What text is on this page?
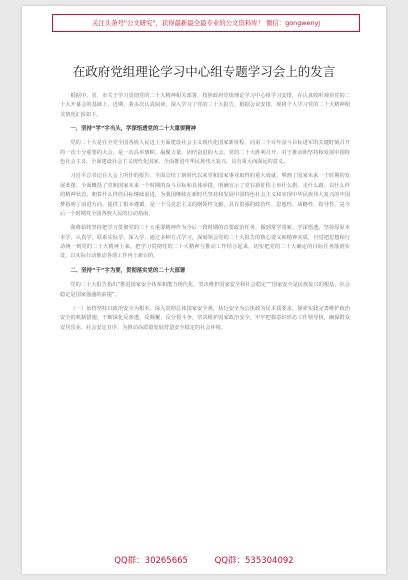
关注头条号"公文研究"，获得最新最全最专业的公文资料库！ 微信：gongwenyj
在政府党组理论学习中心组专题学习会上的发言

根据中、省、市关于学习贯彻党的二十大精神相关部署，按照政府党组理论学习中心组学习安排，在认真收听观看党的二十大开幕会的基础上，近期，我多次认真阅读、深入学习了党的二十大报告。根据会议安排，现将个人学习党的二十大精神相关情况汇报如下。

一、坚持“学”字当头，学深悟透党的二十大重要精神

党的二十大是在全党全国各族人民迈上全面建设社会主义现代化国家新征程、向第二个百年奋斗目标进军的关键时刻召开的一次十分重要的大会，是一次高举旗帜、凝聚力量、团结奋进的大会。党的二十大胜利召开，对于推动和坚持和发展中国特色社会主义、全面建设社会主义现代化国家、全面推进中华民族伟大复兴，具有重大而深远的意义。

习近平总书记在大会上所作的报告，全面总结了新时代以来党和国家事业取得的重大成就，擘画了国家未来一个时期的发展蓝图，全面概括了党和国家未来一个时期的奋斗目标和具体举措，明确宣示了党在新征程上举什么旗、走什么路、以什么样的精神状态、朝着什么样的目标继续前进，为我国继续在新时代坚持和发展中国特色社会主义和实现中华民族伟大复兴的中国梦指明了前进方向、提供了根本遵循，是一个马克思主义的纲领性文献，具有很强的政治性、思想性、战略性、指导性，是今后一个时期党全国各族人民的行动指南。

我将始终坚持把学习贯彻党的二十大重要精神作为今后一段时期的首要政治任务，做到常学常新、学深悟透。坚持原原本本学、认真学，联系实际学、深入学，通过多种方式学习，深刻领会党的二十大报告的核心要义和精神实质，自觉把思想和行动统一到党的二十大精神上来。把学习贯彻党的二十大精神与推动工作结合起来，切实把党的二十大确定的目标任务落到实处，以实际行动推动各项工作再上新台阶。

二、坚持“干”字为要，贯彻落实党的二十大部署

党的二十大报告指出“推进国家安全体系和能力现代化，坚决维护国家安全和社会稳定”“国家安全是民族复兴的根基，社会稳定是国家强盛的前提”。

（一）始终坚持以政治安全为根本。深入贯彻总体国家安全观，执行安全为公执政为民本质要求，探索实践完善维护政治安全的机制措施，不断深化反渗透、反颠覆、反分裂斗争，坚决维护国家政治安全，牢牢把握意识形态工作领导权，确保群众安居乐业、社会安定有序，为推动高质量发展营造安全稳定的社会环境。

QQ群：30265665	QQ群：535304092
